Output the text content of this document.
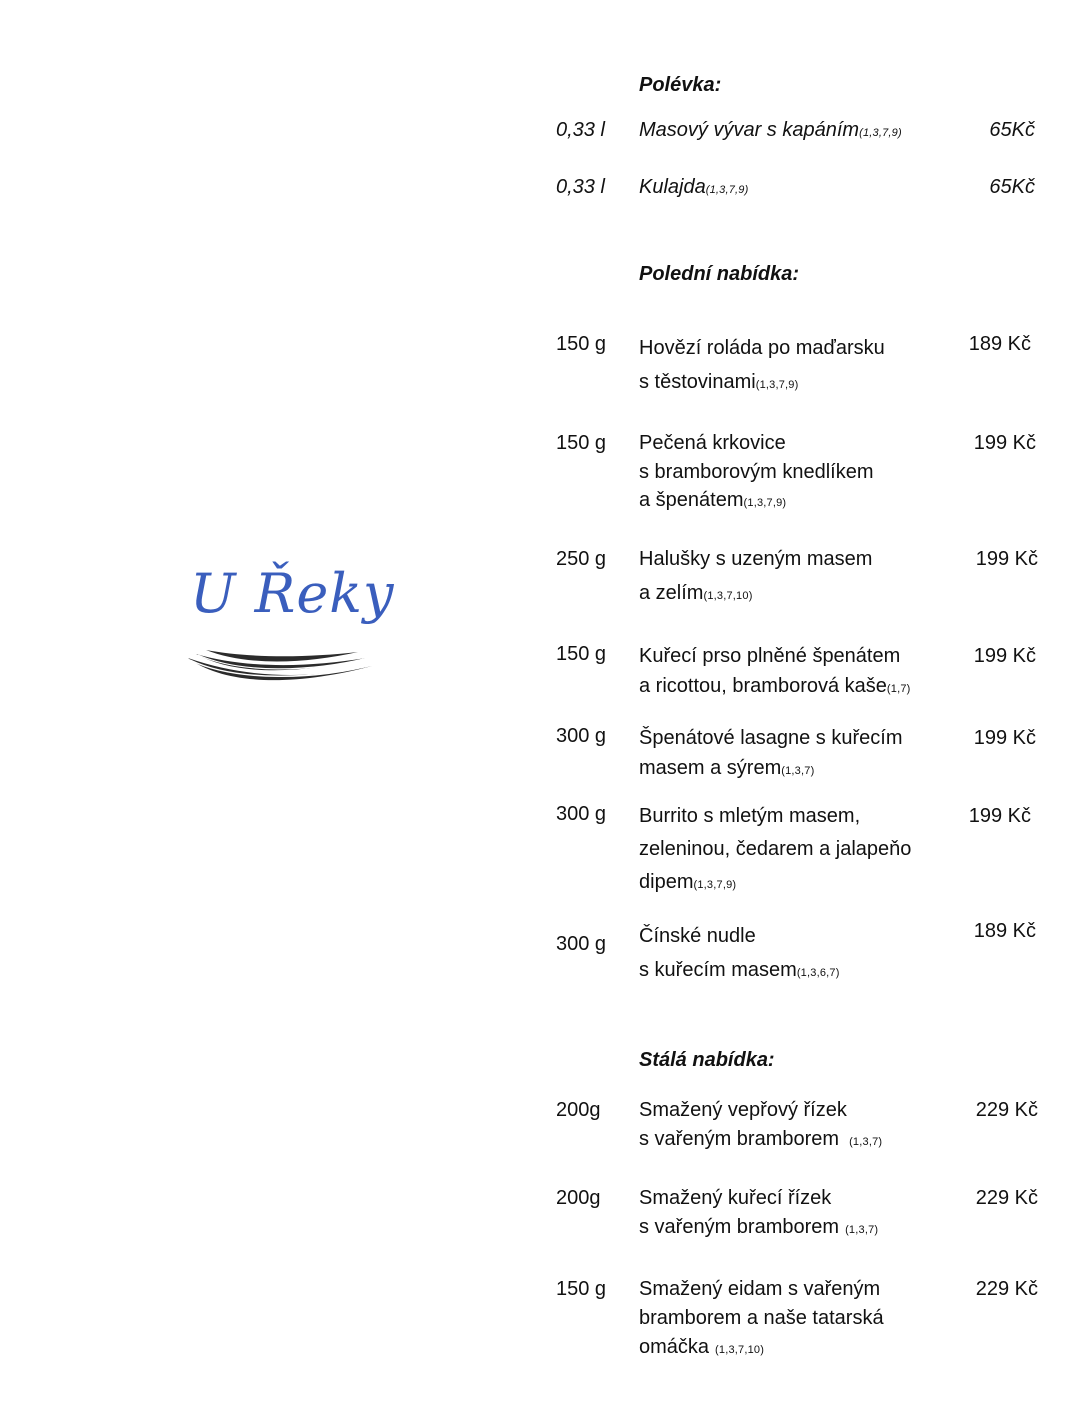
U Řeky
Polévka:
0,33 l Masový vývar s kapáním(1,3,7,9)	65Kč
0,33 l Kulajda(1,3,7,9)	65Kč
Polední nabídka:
150 g Hovězí roláda po maďarsku
s těstovinami(1,3,7,9)
189 Kč
150 g Pečená krkovice
s bramborovým knedlíkem
a špenátem(1,3,7,9)
199 Kč
250 g Halušky s uzeným masem
a zelím(1,3,7,10)
199 Kč
150 g Kuřecí prso plněné špenátem
a ricottou, bramborová kaše(1,7)
199 Kč
300 g Špenátové lasagne s kuřecím
masem a sýrem(1,3,7)
199 Kč
300 g Burrito s mletým masem,
zeleninou, čedarem a jalapeňo
dipem(1,3,7,9)
199 Kč
300 g Čínské nudle
s kuřecím masem(1,3,6,7)
189 Kč
Stálá nabídka:
200g Smažený vepřový řízek
s vařeným bramborem (1,3,7)
229 Kč
200g Smažený kuřecí řízek
s vařeným bramborem (1,3,7)
229 Kč
150 g Smažený eidam s vařeným
bramborem a naše tatarská
omáčka (1,3,7,10)
229 Kč
